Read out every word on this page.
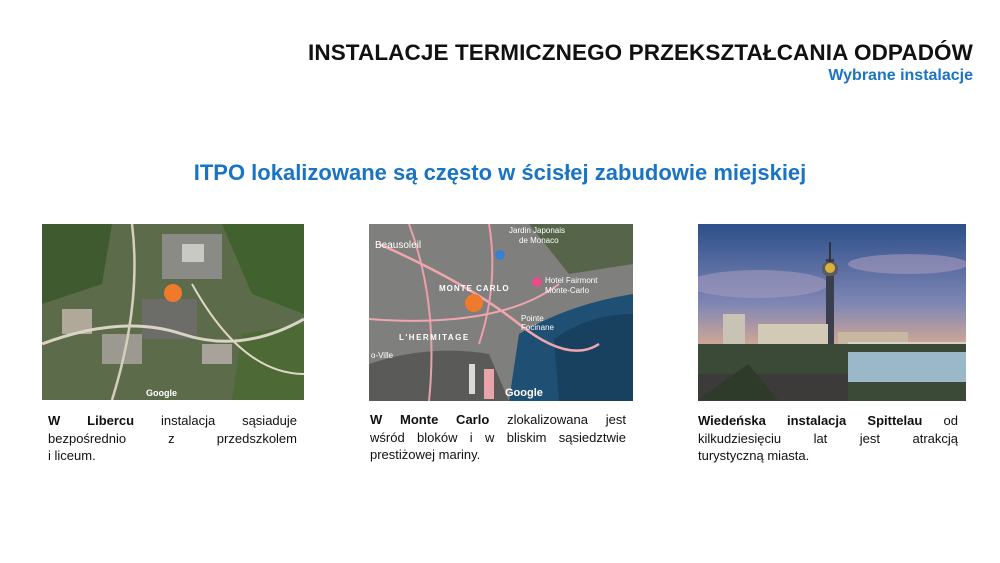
INSTALACJE TERMICZNEGO PRZEKSZTAŁCANIA ODPADÓW
Wybrane instalacje
ITPO lokalizowane są często w ścisłej zabudowie miejskiej
Google
Jardin Japonais
de Monaco
Beausoleil
Hotel Fairmont
Monte-Carlo
MONTE CARLO
L'HERMITAGE
Pointe
Focinane
o-Ville
Google
W Libercu instalacja sąsiaduje
bezpośrednio z przedszkolem
i liceum.
W Monte Carlo zlokalizowana jest
wśród bloków i w bliskim sąsiedztwie
prestiżowej mariny.
Wiedeńska instalacja Spittelau od
kilkudziesięciu lat jest atrakcją
turystyczną miasta.
